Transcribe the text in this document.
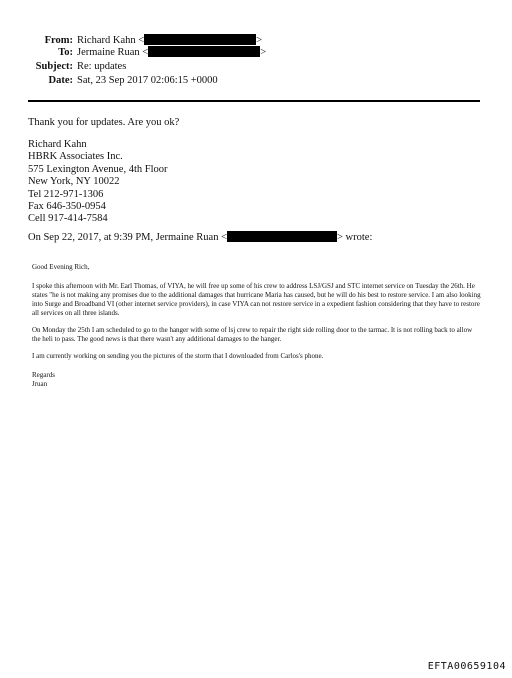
From: Richard Kahn <	>
To: Jermaine Ruan <	>
Subject: Re: updates
Date: Sat, 23 Sep 2017 02:06:15 +0000
Thank you for updates. Are you ok?
Richard Kahn
HBRK Associates Inc.
575 Lexington Avenue, 4th Floor
New York, NY 10022
Tel 212-971-1306
Fax 646-350-0954
Cell 917-414-7584
On Sep 22, 2017, at 9:39 PM, Jermaine Ruan <	> wrote:

Good Evening Rich,

I spoke this afternoon with Mr. Earl Thomas, of VIYA, he will free up some of his crew to address LSJ/GSJ and STC internet service on Tuesday the 26th. He states "he is not making any promises due to the additional damages that hurricane Maria has caused, but he will do his best to restore service. I am also looking into Surge and Broadband VI (other internet service providers), in case VIYA can not restore service in a expedient fashion considering that they have to restore all services on all three islands.

On Monday the 25th I am scheduled to go to the hanger with some of lsj crew to repair the right side rolling door to the tarmac. It is not rolling back to allow the heli to pass. The good news is that there wasn't any additional damages to the hanger.

I am currently working on sending you the pictures of the storm that I downloaded from Carlos's phone.

Regards

Jruan

EFTA00659104
